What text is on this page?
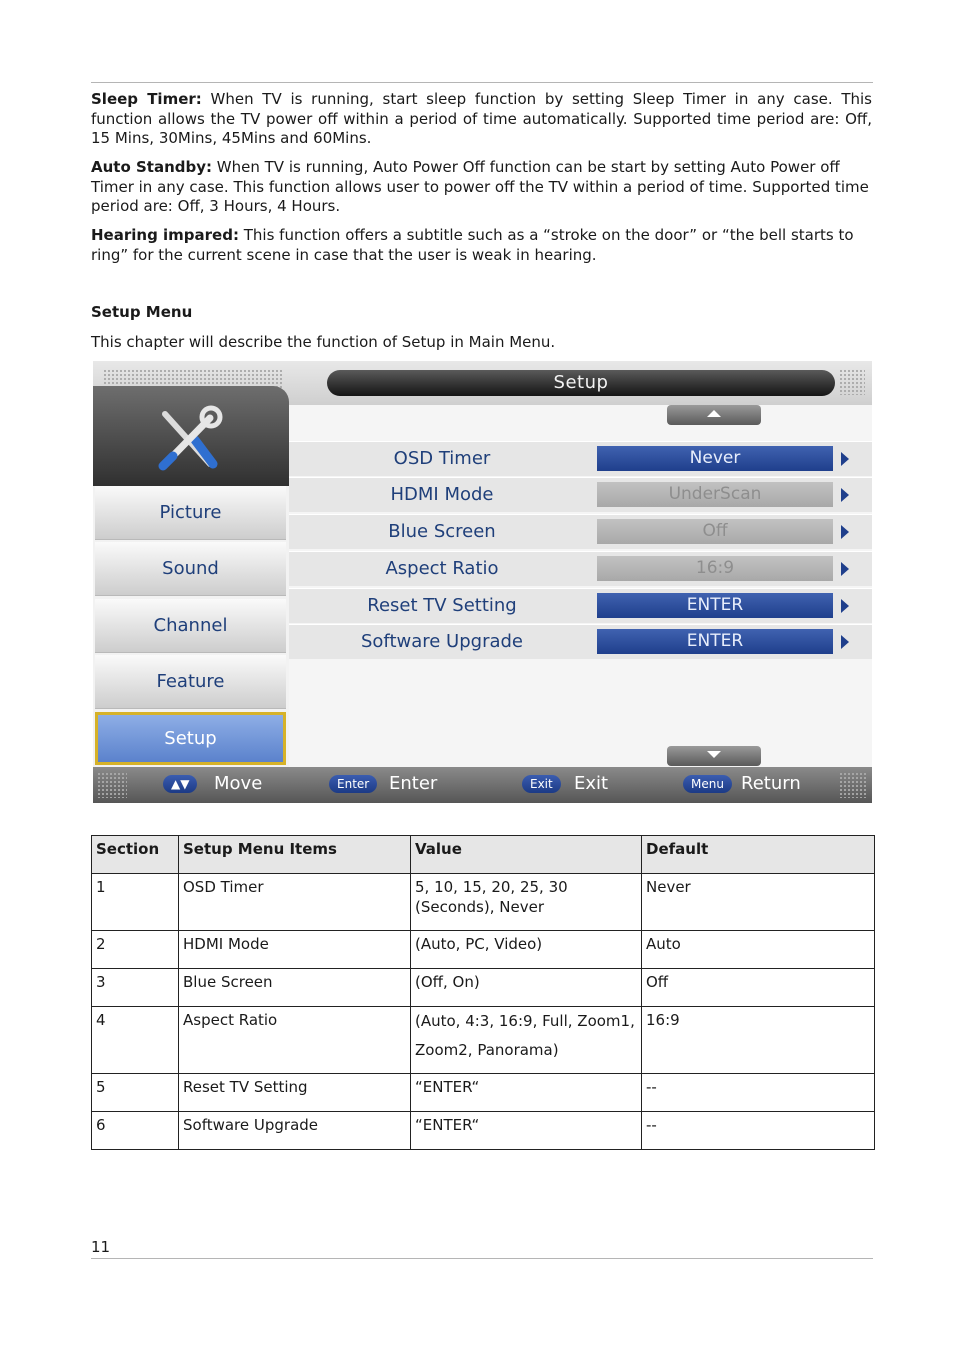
Sleep Timer: When TV is running, start sleep function by setting Sleep Timer in any case. This function allows the TV power off within a period of time automatically. Supported time period are: Off, 15 Mins, 30Mins, 45Mins and 60Mins.

Auto Standby: When TV is running, Auto Power Off function can be start by setting Auto Power off Timer in any case. This function allows user to power off the TV within a period of time. Supported time period are: Off, 3 Hours, 4 Hours.

Hearing impared: This function offers a subtitle such as a “stroke on the door” or “the bell starts to ring” for the current scene in case that the user is weak in hearing.

Setup Menu

This chapter will describe the function of Setup in Main Menu.

Setup
Picture
Sound
Channel
Feature
Setup
OSD Timer	Never
HDMI Mode	UnderScan
Blue Screen	Off
Aspect Ratio	16:9
Reset TV Setting	ENTER
Software Upgrade	ENTER
▲▼	Move	Enter	Enter	Exit	Exit	Menu Return
Section	Setup Menu Items	Value	Default
1	OSD Timer	5, 10, 15, 20, 25, 30 (Seconds), Never	Never
2	HDMI Mode	(Auto, PC, Video)	Auto
3	Blue Screen	(Off, On)	Off
4	Aspect Ratio	(Auto, 4:3, 16:9, Full, Zoom1, Zoom2, Panorama)	16:9
5	Reset TV Setting	“ENTER“	--
6	Software Upgrade	“ENTER“	--
11
